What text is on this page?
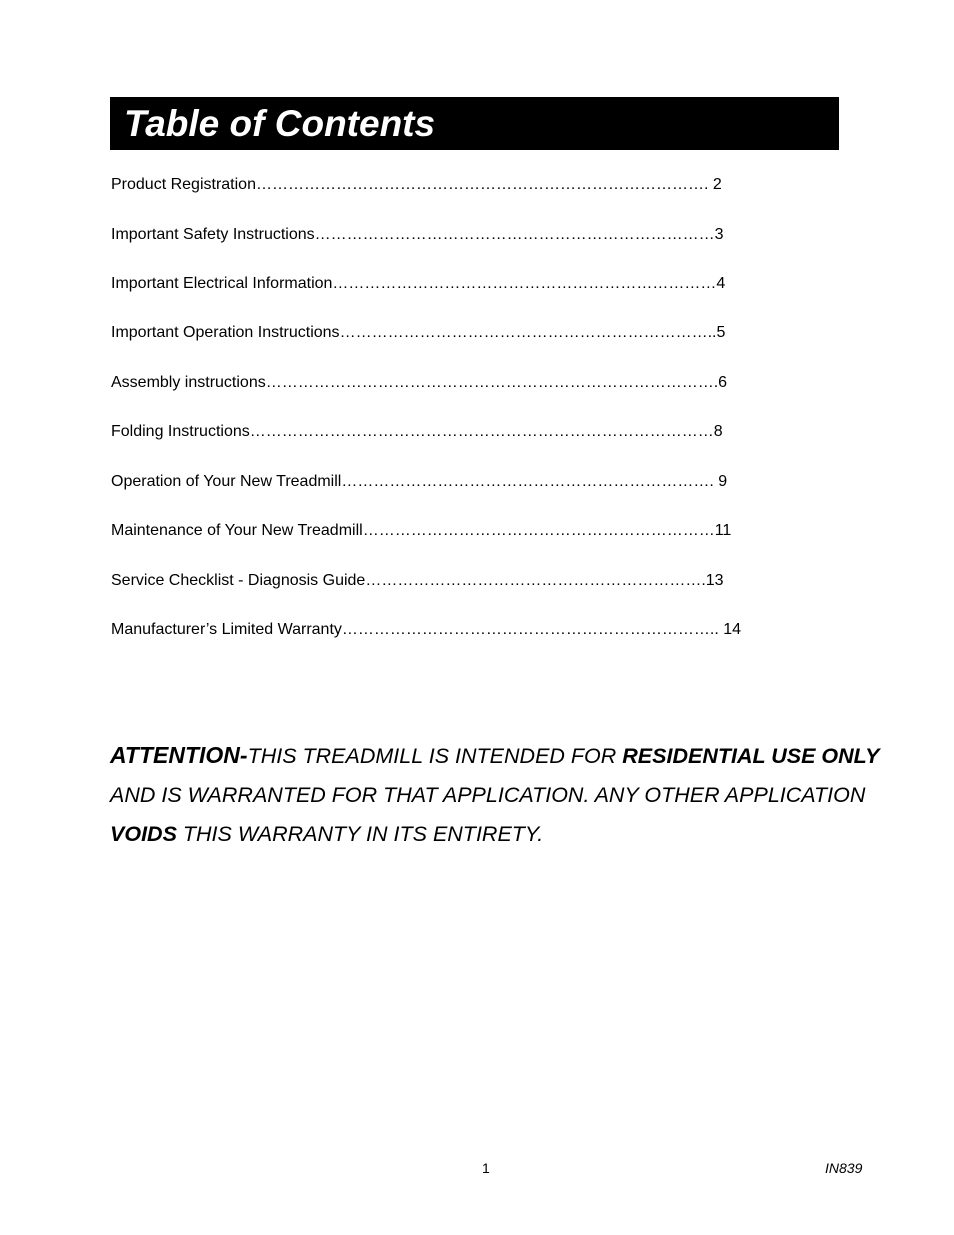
Table of Contents
Product Registration…………………………………………………………………………. 2
Important Safety Instructions…………………………………………………………………3
Important Electrical Information………………………………………………………………4
Important Operation Instructions……………………………………………………………..5
Assembly instructions………………………………………………………………………….6
Folding Instructions……………………………………………………………………………8
Operation of Your New Treadmill……………………………………………………………. 9
Maintenance of Your New Treadmill…………………………………………………………11
Service Checklist - Diagnosis Guide……………………………………………………….13
Manufacturer’s Limited Warranty…………………………………………………………….. 14
ATTENTION-THIS TREADMILL IS INTENDED FOR RESIDENTIAL USE ONLY
AND IS WARRANTED FOR THAT APPLICATION. ANY OTHER APPLICATION
VOIDS THIS WARRANTY IN ITS ENTIRETY.
1	IN839
